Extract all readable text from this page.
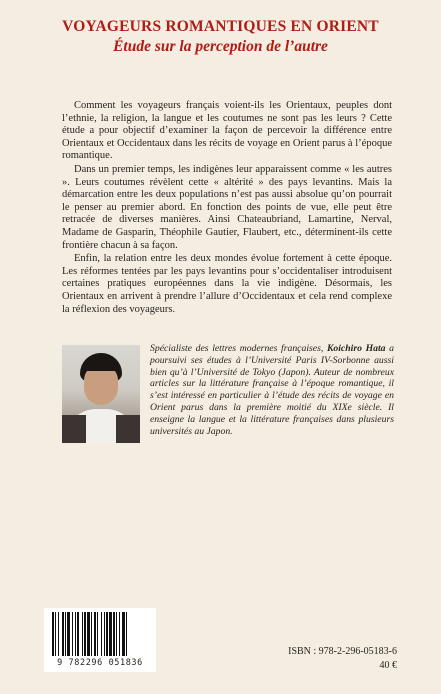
VOYAGEURS ROMANTIQUES EN ORIENT
Étude sur la perception de l’autre

Comment les voyageurs français voient-ils les Orientaux, peuples dont l’ethnie, la religion, la langue et les coutumes ne sont pas les leurs ? Cette étude a pour objectif d’examiner la façon de percevoir la différence entre Orientaux et Occidentaux dans les récits de voyage en Orient parus à l’époque romantique.

Dans un premier temps, les indigènes leur apparaissent comme « les autres ». Leurs coutumes révèlent cette « altérité » des pays levantins. Mais la démarcation entre les deux populations n’est pas aussi absolue qu’on pourrait le penser au premier abord. En fonction des points de vue, elle peut être retracée de diverses manières. Ainsi Chateaubriand, Lamartine, Nerval, Madame de Gasparin, Théophile Gautier, Flaubert, etc., déterminent-ils cette frontière chacun à sa façon.

Enfin, la relation entre les deux mondes évolue fortement à cette époque. Les réformes tentées par les pays levantins pour s’occidentaliser introduisent certaines pratiques européennes dans la vie indigène. Désormais, les Orientaux en arrivent à prendre l’allure d’Occidentaux et cela rend complexe la réflexion des voyageurs.

Spécialiste des lettres modernes françaises, Koichiro Hata a poursuivi ses études à l’Université Paris IV-Sorbonne aussi bien qu’à l’Université de Tokyo (Japon). Auteur de nombreux articles sur la littérature française à l’époque romantique, il s’est intéressé en particulier à l’étude des récits de voyage en Orient parus dans la première moitié du XIXe siècle. Il enseigne la langue et la littérature françaises dans plusieurs universités au Japon.
9 782296 051836
ISBN : 978-2-296-05183-6
40 €
